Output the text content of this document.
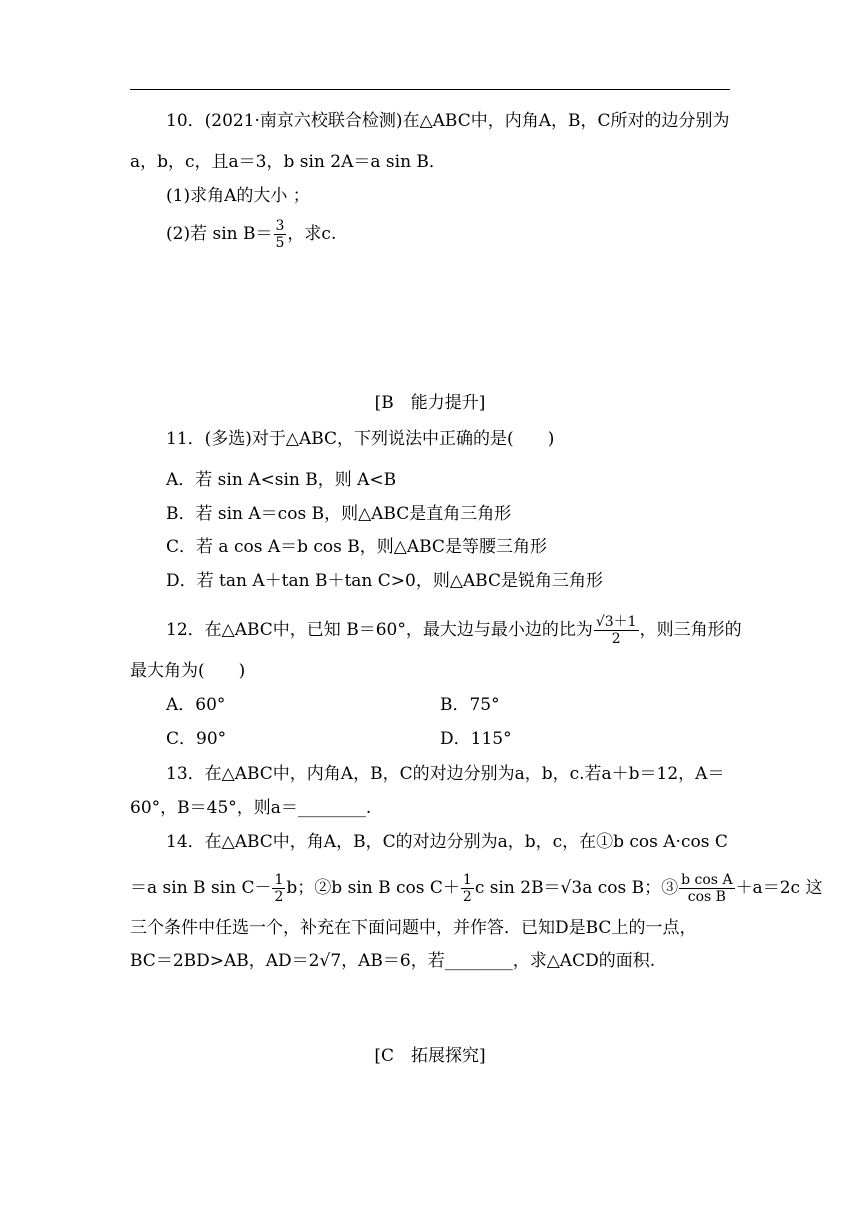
10．(2021·南京六校联合检测)在△ABC中，内角A，B，C所对的边分别为
a，b，c，且a＝3，b sin 2A＝a sin B．
(1)求角A的大小 ；
(2)若 $\sin B= \frac{3}{5}$ ，求c.
[B　能力提升]
11．(多选)对于△ABC，下列说法中正确的是(　　)
A．若 sin A<sin B，则 A<B
B．若 sin A＝cos B，则△ABC是直角三角形
C．若 a cos A＝b cos B，则△ABC是等腰三角形
D．若 tan A＋tan B＋tan C>0，则△ABC是锐角三角形
12．在△ABC中，已知 B＝60°，最大边与最小边的比为 $\frac{√3+1}{2}$ ，则三角形的
最大角为(　　)
A．60°	B．75°
C．90°	D．115°
13．在△ABC中，内角A，B，C的对边分别为a，b，c.若a＋b＝12，A＝
60°，B＝45°，则a＝________.
14．在△ABC中，角A，B，C的对边分别为a，b，c，在①b cos A·cos C
＝a sin B $\sin C- \frac{1}{2}$ b；②b sin B $\cos C+ \frac{1}{2}$ c sin 2B＝√3a cos B；③ $\frac{\text{b cos A}}{\text{cos B}} +a=2c$ 这
三个条件中任选一个，补充在下面问题中，并作答．已知D是BC上的一点，
BC＝2BD>AB，AD＝2√7，AB＝6，若________，求△ACD的面积.
[C　拓展探究]
